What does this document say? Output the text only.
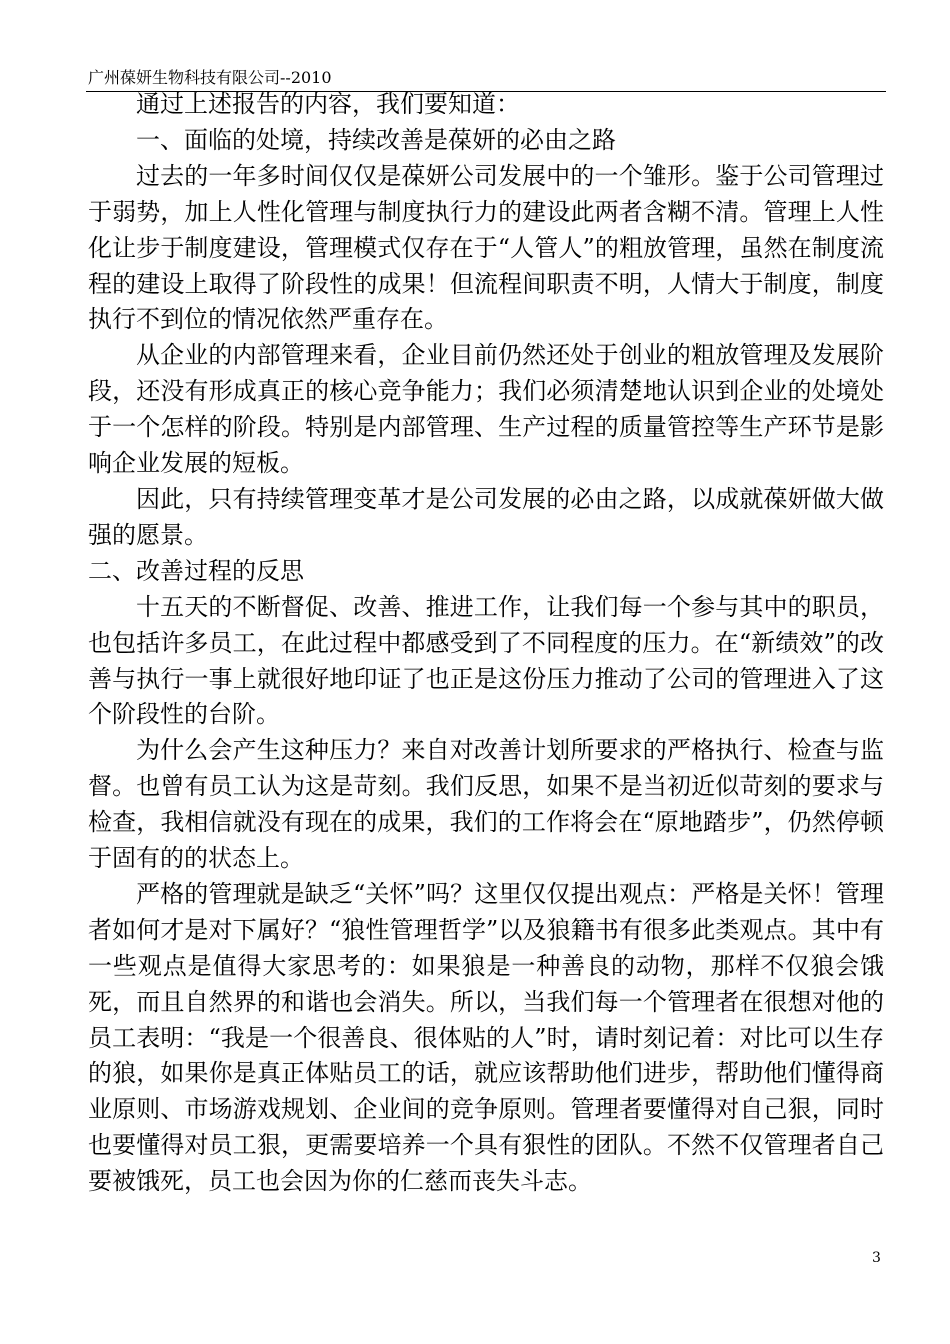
广州葆妍生物科技有限公司--2010

通过上述报告的内容，我们要知道：

一、面临的处境，持续改善是葆妍的必由之路

过去的一年多时间仅仅是葆妍公司发展中的一个雏形。鉴于公司管理过于弱势，加上人性化管理与制度执行力的建设此两者含糊不清。管理上人性化让步于制度建设，管理模式仅存在于“人管人”的粗放管理，虽然在制度流程的建设上取得了阶段性的成果！但流程间职责不明，人情大于制度，制度执行不到位的情况依然严重存在。

从企业的内部管理来看，企业目前仍然还处于创业的粗放管理及发展阶段，还没有形成真正的核心竞争能力；我们必须清楚地认识到企业的处境处于一个怎样的阶段。特别是内部管理、生产过程的质量管控等生产环节是影响企业发展的短板。

因此，只有持续管理变革才是公司发展的必由之路，以成就葆妍做大做强的愿景。

二、改善过程的反思

十五天的不断督促、改善、推进工作，让我们每一个参与其中的职员，也包括许多员工，在此过程中都感受到了不同程度的压力。在“新绩效”的改善与执行一事上就很好地印证了也正是这份压力推动了公司的管理进入了这个阶段性的台阶。

为什么会产生这种压力？来自对改善计划所要求的严格执行、检查与监督。也曾有员工认为这是苛刻。我们反思，如果不是当初近似苛刻的要求与检查，我相信就没有现在的成果，我们的工作将会在“原地踏步”，仍然停顿于固有的的状态上。

严格的管理就是缺乏“关怀”吗？这里仅仅提出观点：严格是关怀！管理者如何才是对下属好？“狼性管理哲学”以及狼籍书有很多此类观点。其中有一些观点是值得大家思考的：如果狼是一种善良的动物，那样不仅狼会饿死，而且自然界的和谐也会消失。所以，当我们每一个管理者在很想对他的员工表明：“我是一个很善良、很体贴的人”时，请时刻记着：对比可以生存的狼，如果你是真正体贴员工的话，就应该帮助他们进步，帮助他们懂得商业原则、市场游戏规划、企业间的竞争原则。管理者要懂得对自己狠，同时也要懂得对员工狠，更需要培养一个具有狠性的团队。不然不仅管理者自己要被饿死，员工也会因为你的仁慈而丧失斗志。

3
